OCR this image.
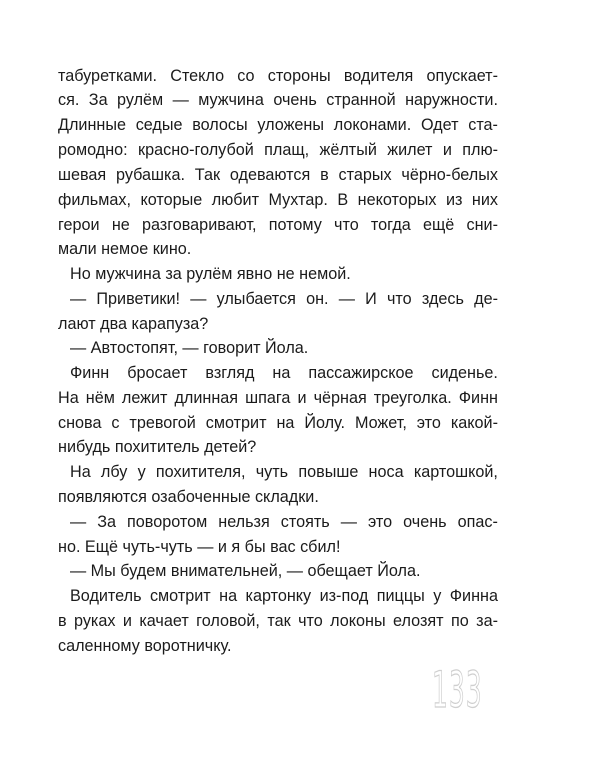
табуретками. Стекло со стороны водителя опускает-
ся. За рулём — мужчина очень странной наружности.
Длинные седые волосы уложены локонами. Одет ста-
ромодно: красно-голубой плащ, жёлтый жилет и плю-
шевая рубашка. Так одеваются в старых чёрно-белых
фильмах, которые любит Мухтар. В некоторых из них
герои не разговаривают, потому что тогда ещё сни-
мали немое кино.
Но мужчина за рулём явно не немой.
— Приветики! — улыбается он. — И что здесь де-
лают два карапуза?
— Автостопят, — говорит Йола.
Финн бросает взгляд на пассажирское сиденье.
На нём лежит длинная шпага и чёрная треуголка. Финн
снова с тревогой смотрит на Йолу. Может, это какой-
нибудь похититель детей?
На лбу у похитителя, чуть повыше носа картошкой,
появляются озабоченные складки.
— За поворотом нельзя стоять — это очень опас-
но. Ещё чуть-чуть — и я бы вас сбил!
— Мы будем внимательней, — обещает Йола.
Водитель смотрит на картонку из-под пиццы у Финна
в руках и качает головой, так что локоны елозят по за-
саленному воротничку.
133
